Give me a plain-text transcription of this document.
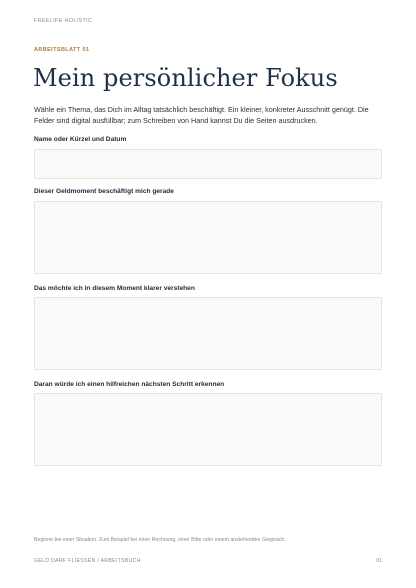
FREELIFE HOLISTIC
ARBEITSBLATT 01
Mein persönlicher Fokus

Wähle ein Thema, das Dich im Alltag tatsächlich beschäftigt. Ein kleiner, konkreter Ausschnitt genügt. Die Felder sind digital ausfüllbar; zum Schreiben von Hand kannst Du die Seiten ausdrucken.

Name oder Kürzel und Datum
Dieser Geldmoment beschäftigt mich gerade
Das möchte ich in diesem Moment klarer verstehen
Daran würde ich einen hilfreichen nächsten Schritt erkennen
Beginne bei einer Situation. Zum Beispiel bei einer Rechnung, einer Bitte oder einem anstehenden Gespräch.
GELD DARF FLIESSEN / ARBEITSBUCH	01
